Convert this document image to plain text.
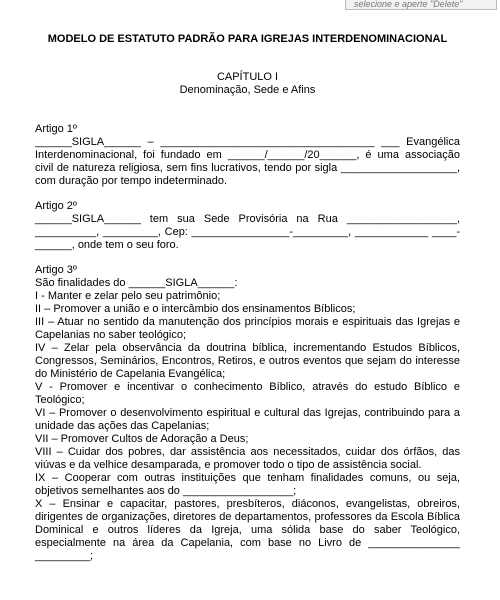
selecione e aperte "Delete"
MODELO DE ESTATUTO PADRÃO PARA IGREJAS INTERDENOMINACIONAL
CAPÍTULO I
Denominação, Sede e Afins
Artigo 1º
______SIGLA______ – ___________________________________ ___ Evangélica Interdenominacional, foi fundado em ______/______/20______, é uma associação civil de natureza religiosa, sem fins lucrativos, tendo por sigla ___________________, com duração por tempo indeterminado.
Artigo 2º
______SIGLA______ tem sua Sede Provisória na Rua __________________, __________, _________, Cep: ________________-_________, ____________ ____-______, onde tem o seu foro.
Artigo 3º
São finalidades do ______SIGLA______:
I - Manter e zelar pelo seu patrimônio;
II – Promover a união e o intercâmbio dos ensinamentos Bíblicos;
III – Atuar no sentido da manutenção dos princípios morais e espirituais das Igrejas e Capelanias no saber teológico;
IV – Zelar pela observância da doutrina bíblica, incrementando Estudos Bíblicos, Congressos, Seminários, Encontros, Retiros, e outros eventos que sejam do interesse do Ministério de Capelania Evangélica;
V - Promover e incentivar o conhecimento Bíblico, através do estudo Bíblico e Teológico;
VI – Promover o desenvolvimento espiritual e cultural das Igrejas, contribuindo para a unidade das ações das Capelanias;
VII – Promover Cultos de Adoração a Deus;
VIII – Cuidar dos pobres, dar assistência aos necessitados, cuidar dos órfãos, das viúvas e da velhice desamparada, e promover todo o tipo de assistência social.
IX – Cooperar com outras instituições que tenham finalidades comuns, ou seja, objetivos semelhantes aos do __________________;
X – Ensinar e capacitar, pastores, presbíteros, diáconos, evangelistas, obreiros, dirigentes de organizações, diretores de departamentos, professores da Escola Bíblica Dominical e outros líderes da Igreja, uma sólida base do saber Teológico, especialmente na área da Capelania, com base no Livro de _______________ _________;
